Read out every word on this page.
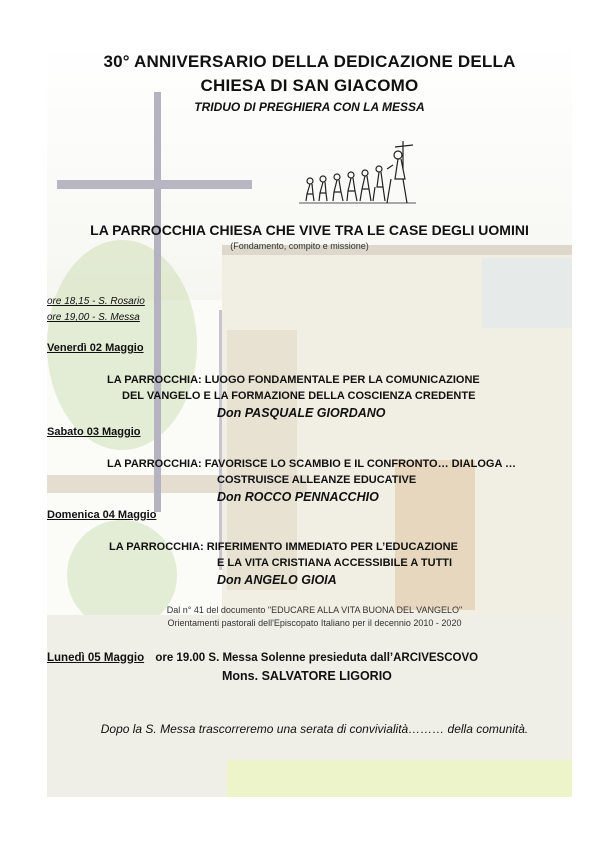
30° ANNIVERSARIO DELLA DEDICAZIONE DELLA
CHIESA DI SAN GIACOMO
TRIDUO DI PREGHIERA CON LA MESSA
LA PARROCCHIA CHIESA CHE VIVE TRA LE CASE DEGLI UOMINI
(Fondamento, compito e missione)
ore 18,15 - S. Rosario
ore 19,00 - S. Messa
Venerdì 02 Maggio
LA PARROCCHIA: LUOGO FONDAMENTALE PER LA COMUNICAZIONE
DEL VANGELO E LA FORMAZIONE DELLA COSCIENZA CREDENTE
Don PASQUALE GIORDANO
Sabato 03 Maggio
LA PARROCCHIA: FAVORISCE LO SCAMBIO E IL CONFRONTO… DIALOGA …
COSTRUISCE ALLEANZE EDUCATIVE
Don ROCCO PENNACCHIO
Domenica 04 Maggio
LA PARROCCHIA: RIFERIMENTO IMMEDIATO PER L’EDUCAZIONE
E LA VITA CRISTIANA ACCESSIBILE A TUTTI
Don ANGELO GIOIA
Dal n° 41 del documento "EDUCARE ALLA VITA BUONA DEL VANGELO"
Orientamenti pastorali dell'Episcopato Italiano per il decennio 2010 - 2020
Lunedì 05 Maggio ore 19.00 S. Messa Solenne presieduta dall’ARCIVESCOVO
Mons. SALVATORE LIGORIO
Dopo la S. Messa trascorreremo una serata di convivialità……… della comunità.
